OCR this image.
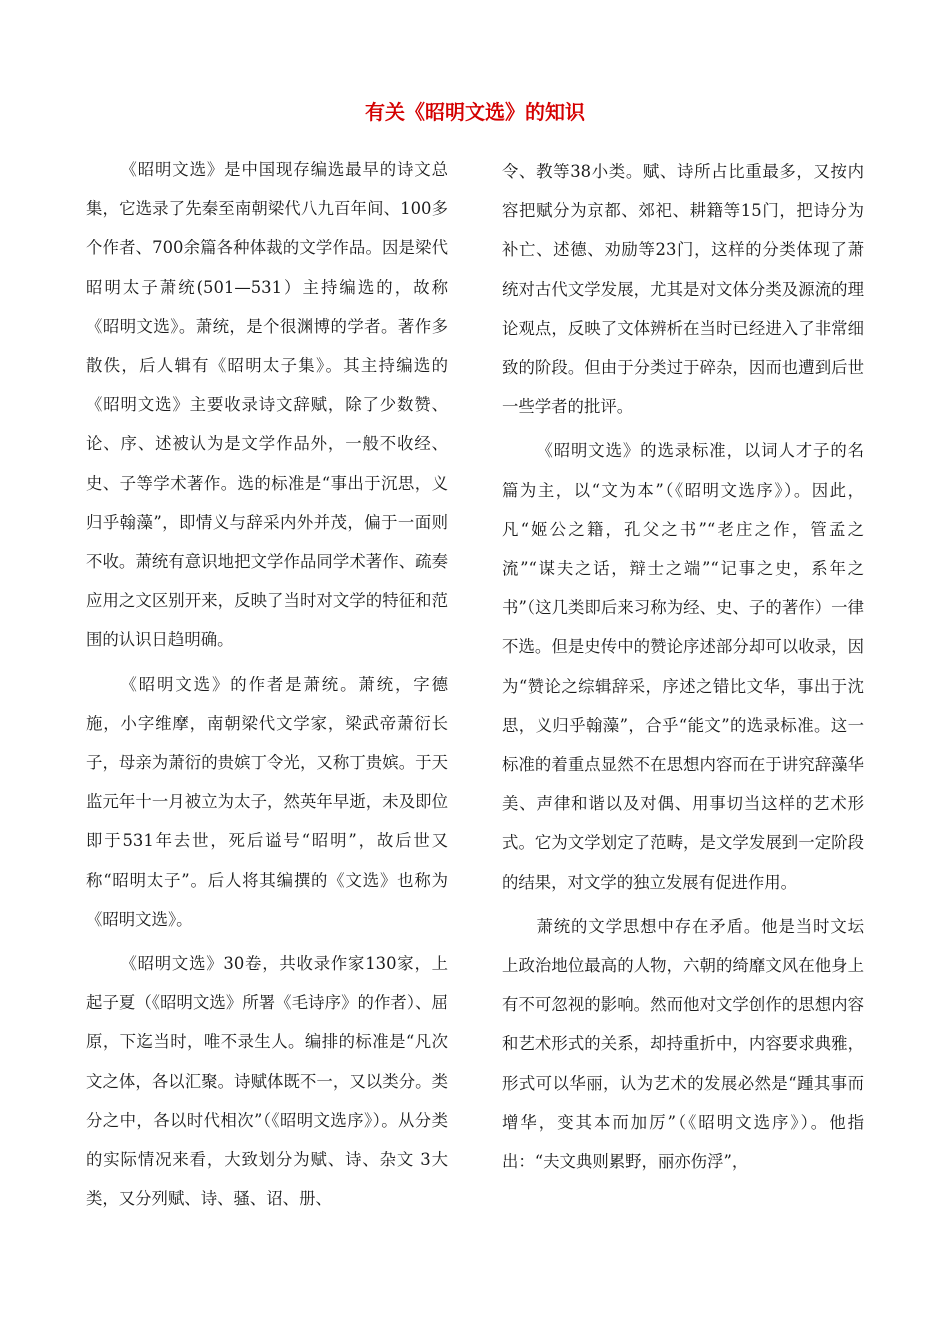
有关《昭明文选》的知识

《昭明文选》是中国现存编选最早的诗文总集，它选录了先秦至南朝梁代八九百年间、100多个作者、700余篇各种体裁的文学作品。因是梁代昭明太子萧统(501—531）主持编选的，故称《昭明文选》。萧统，是个很渊博的学者。著作多散佚，后人辑有《昭明太子集》。其主持编选的《昭明文选》主要收录诗文辞赋，除了少数赞、论、序、述被认为是文学作品外，一般不收经、史、子等学术著作。选的标准是“事出于沉思，义归乎翰藻”，即情义与辞采内外并茂，偏于一面则不收。萧统有意识地把文学作品同学术著作、疏奏应用之文区别开来，反映了当时对文学的特征和范围的认识日趋明确。

《昭明文选》的作者是萧统。萧统，字德施，小字维摩，南朝梁代文学家，梁武帝萧衍长子，母亲为萧衍的贵嫔丁令光，又称丁贵嫔。于天监元年十一月被立为太子，然英年早逝，未及即位即于531年去世，死后谥号“昭明”，故后世又称“昭明太子”。后人将其编撰的《文选》也称为《昭明文选》。

《昭明文选》30卷，共收录作家130家，上起子夏（《昭明文选》所署《毛诗序》的作者）、屈原，下迄当时，唯不录生人。编排的标准是“凡次文之体，各以汇聚。诗赋体既不一，又以类分。类分之中，各以时代相次”（《昭明文选序》）。从分类的实际情况来看，大致划分为赋、诗、杂文 3大类，又分列赋、诗、骚、诏、册、

令、教等38小类。赋、诗所占比重最多，又按内容把赋分为京都、郊祀、耕籍等15门，把诗分为补亡、述德、劝励等23门，这样的分类体现了萧统对古代文学发展，尤其是对文体分类及源流的理论观点，反映了文体辨析在当时已经进入了非常细致的阶段。但由于分类过于碎杂，因而也遭到后世一些学者的批评。

《昭明文选》的选录标准，以词人才子的名篇为主，以“文为本”（《昭明文选序》）。因此，凡“姬公之籍，孔父之书”“老庄之作，管孟之流”“谋夫之话，辩士之端”“记事之史，系年之书”（这几类即后来习称为经、史、子的著作）一律不选。但是史传中的赞论序述部分却可以收录，因为“赞论之综辑辞采，序述之错比文华，事出于沈思，义归乎翰藻”，合乎“能文”的选录标准。这一标准的着重点显然不在思想内容而在于讲究辞藻华美、声律和谐以及对偶、用事切当这样的艺术形式。它为文学划定了范畴，是文学发展到一定阶段的结果，对文学的独立发展有促进作用。

萧统的文学思想中存在矛盾。他是当时文坛上政治地位最高的人物，六朝的绮靡文风在他身上有不可忽视的影响。然而他对文学创作的思想内容和艺术形式的关系，却持重折中，内容要求典雅，形式可以华丽，认为艺术的发展必然是“踵其事而增华，变其本而加厉”（《昭明文选序》）。他指出：“夫文典则累野，丽亦伤浮”，
